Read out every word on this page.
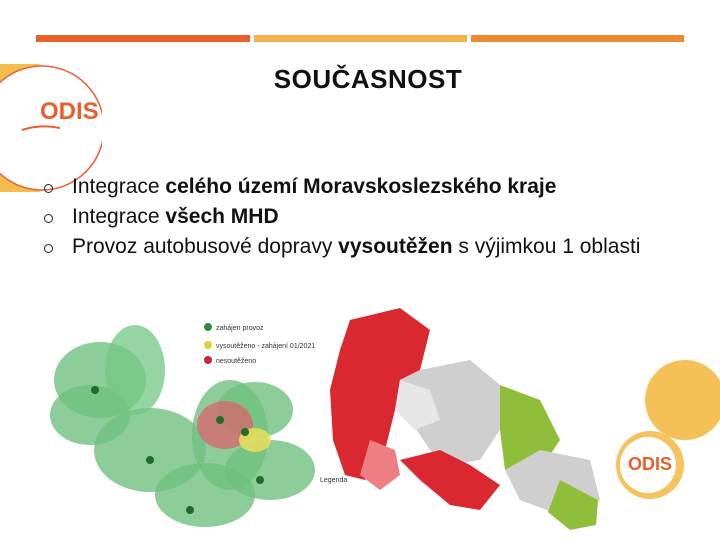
ODIS
SOUČASNOST
Integrace celého území Moravskoslezského kraje
Integrace všech MHD
Provoz autobusové dopravy vysoutěžen s výjimkou 1 oblasti
zahájen provoz
vysoutěženo - zahájení 01/2021
nesoutěženo
Legenda
ODIS
